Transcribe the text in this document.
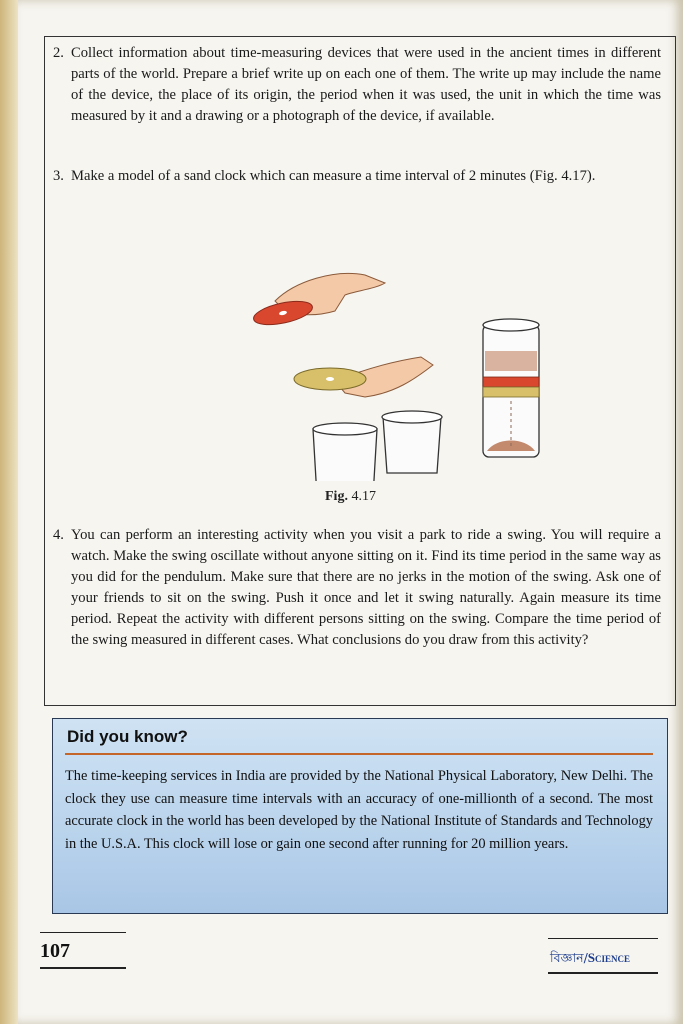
2. Collect information about time-measuring devices that were used in the ancient times in different parts of the world. Prepare a brief write up on each one of them. The write up may include the name of the device, the place of its origin, the period when it was used, the unit in which the time was measured by it and a drawing or a photograph of the device, if available.
3. Make a model of a sand clock which can measure a time interval of 2 minutes (Fig. 4.17).
Fig. 4.17
4. You can perform an interesting activity when you visit a park to ride a swing. You will require a watch. Make the swing oscillate without anyone sitting on it. Find its time period in the same way as you did for the pendulum. Make sure that there are no jerks in the motion of the swing. Ask one of your friends to sit on the swing. Push it once and let it swing naturally. Again measure its time period. Repeat the activity with different persons sitting on the swing. Compare the time period of the swing measured in different cases. What conclusions do you draw from this activity?
Did you know?
The time-keeping services in India are provided by the National Physical Laboratory, New Delhi. The clock they use can measure time intervals with an accuracy of one-millionth of a second. The most accurate clock in the world has been developed by the National Institute of Standards and Technology in the U.S.A. This clock will lose or gain one second after running for 20 million years.
107	বিজ্ঞান/Science
